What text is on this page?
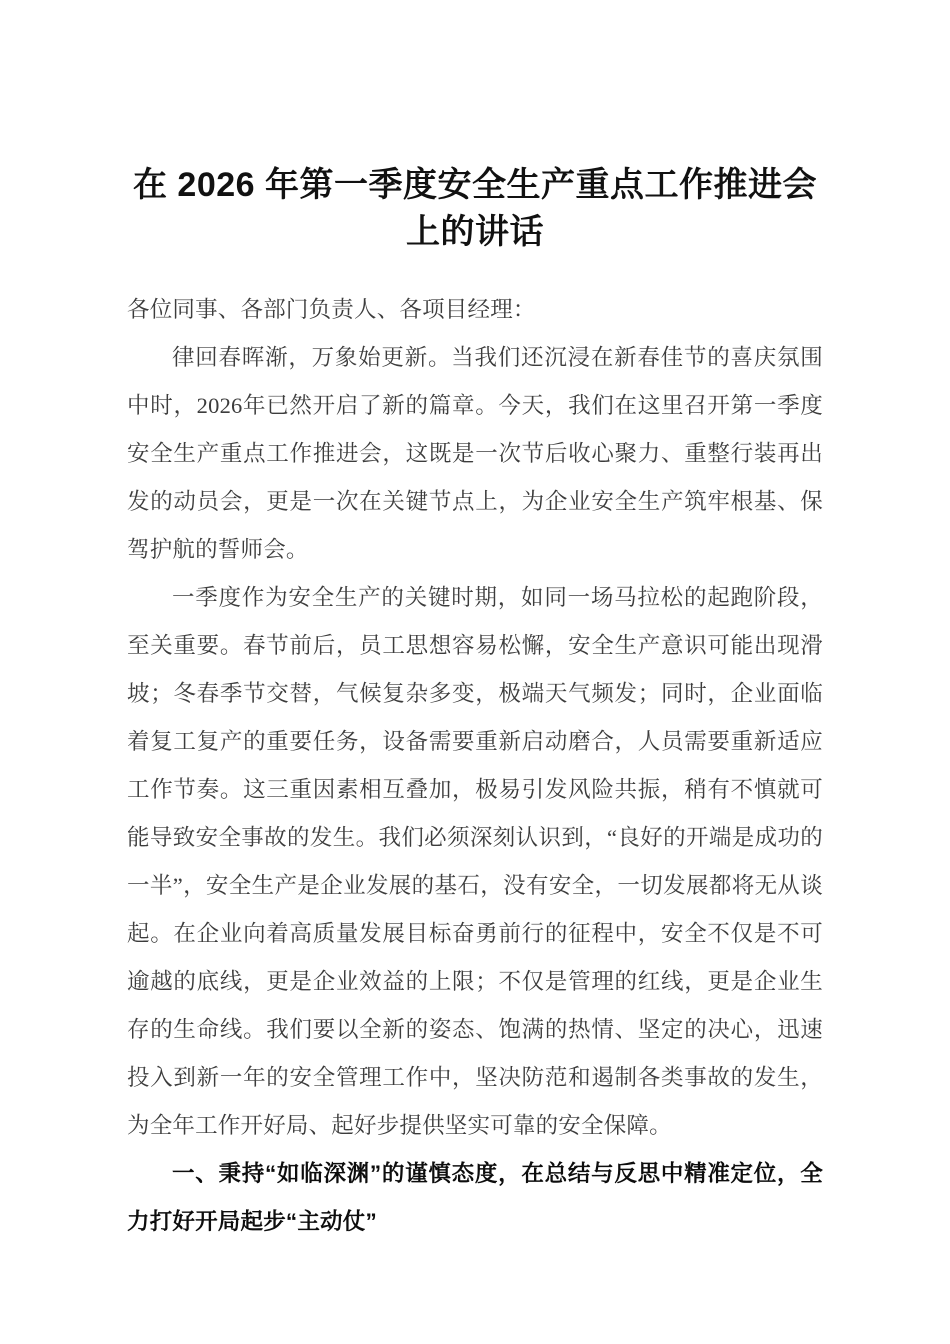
在 2026 年第一季度安全生产重点工作推进会
上的讲话

各位同事、各部门负责人、各项目经理：

律回春晖渐，万象始更新。当我们还沉浸在新春佳节的喜庆氛围中时，2026年已然开启了新的篇章。今天，我们在这里召开第一季度安全生产重点工作推进会，这既是一次节后收心聚力、重整行装再出发的动员会，更是一次在关键节点上，为企业安全生产筑牢根基、保驾护航的誓师会。

一季度作为安全生产的关键时期，如同一场马拉松的起跑阶段，至关重要。春节前后，员工思想容易松懈，安全生产意识可能出现滑坡；冬春季节交替，气候复杂多变，极端天气频发；同时，企业面临着复工复产的重要任务，设备需要重新启动磨合，人员需要重新适应工作节奏。这三重因素相互叠加，极易引发风险共振，稍有不慎就可能导致安全事故的发生。我们必须深刻认识到，“良好的开端是成功的一半”，安全生产是企业发展的基石，没有安全，一切发展都将无从谈起。在企业向着高质量发展目标奋勇前行的征程中，安全不仅是不可逾越的底线，更是企业效益的上限；不仅是管理的红线，更是企业生存的生命线。我们要以全新的姿态、饱满的热情、坚定的决心，迅速投入到新一年的安全管理工作中，坚决防范和遏制各类事故的发生，为全年工作开好局、起好步提供坚实可靠的安全保障。

一、秉持“如临深渊”的谨慎态度，在总结与反思中精准定位，全力打好开局起步“主动仗”
